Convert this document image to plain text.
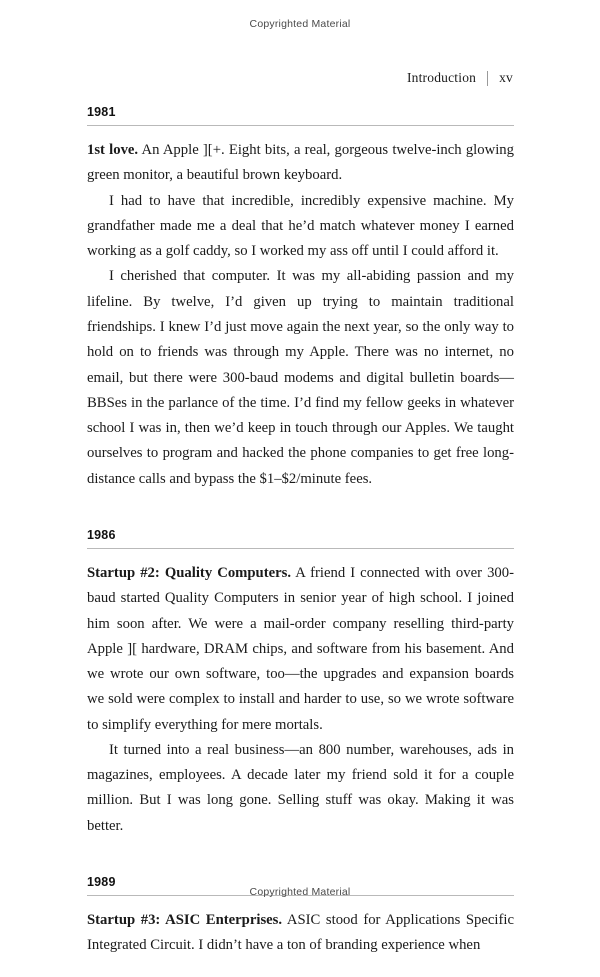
Copyrighted Material
Introduction xv
1981

1st love. An Apple ][+. Eight bits, a real, gorgeous twelve-inch glowing green monitor, a beautiful brown keyboard.

I had to have that incredible, incredibly expensive machine. My grandfather made me a deal that he’d match whatever money I earned working as a golf caddy, so I worked my ass off until I could afford it.

I cherished that computer. It was my all-abiding passion and my lifeline. By twelve, I’d given up trying to maintain traditional friendships. I knew I’d just move again the next year, so the only way to hold on to friends was through my Apple. There was no internet, no email, but there were 300-baud modems and digital bulletin boards—BBSes in the parlance of the time. I’d find my fellow geeks in whatever school I was in, then we’d keep in touch through our Apples. We taught ourselves to program and hacked the phone companies to get free long-distance calls and bypass the $1–$2/minute fees.

1986

Startup #2: Quality Computers. A friend I connected with over 300-baud started Quality Computers in senior year of high school. I joined him soon after. We were a mail-order company reselling third-party Apple ][ hardware, DRAM chips, and software from his basement. And we wrote our own software, too—the upgrades and expansion boards we sold were complex to install and harder to use, so we wrote software to simplify everything for mere mortals.

It turned into a real business—an 800 number, warehouses, ads in magazines, employees. A decade later my friend sold it for a couple million. But I was long gone. Selling stuff was okay. Making it was better.

1989

Startup #3: ASIC Enterprises. ASIC stood for Applications Specific Integrated Circuit. I didn’t have a ton of branding experience when

Copyrighted Material
